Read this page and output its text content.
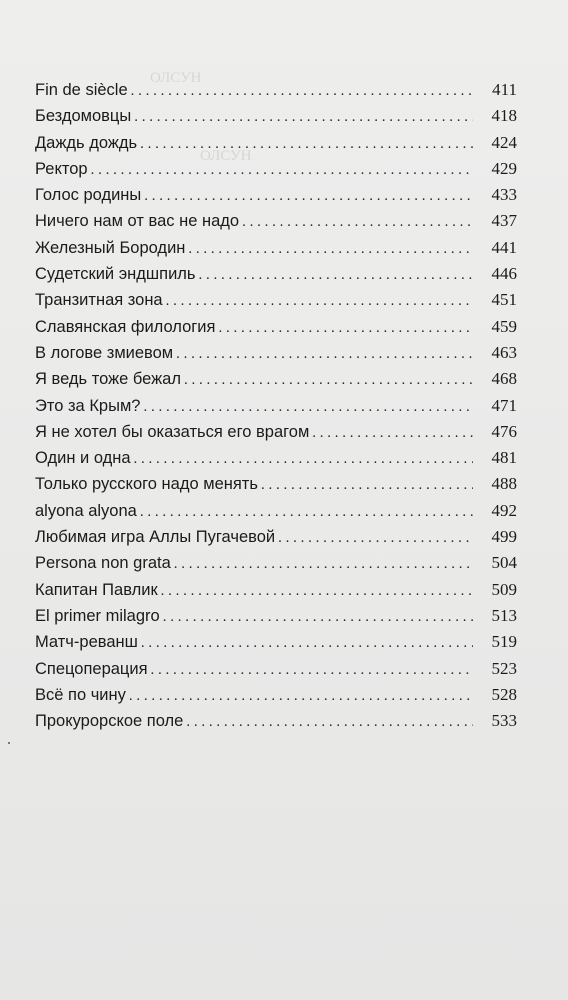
ОЛСУН
ОЛСУН
Fin de siècle . . .	411
Бездомовцы . . .	418
Даждь дождь . . .	424
Ректор . . .	429
Голос родины . . .	433
Ничего нам от вас не надо . . .	437
Железный Бородин . . .	441
Судетский эндшпиль . . .	446
Транзитная зона . . .	451
Славянская филология . . .	459
В логове змиевом . . .	463
Я ведь тоже бежал . . .	468
Это за Крым? . . .	471
Я не хотел бы оказаться его врагом . . .	476
Один и одна . . .	481
Только русского надо менять . . .	488
alyona alyona . . .	492
Любимая игра Аллы Пугачевой . . .	499
Persona non grata . . .	504
Капитан Павлик . . .	509
El primer milagro . . .	513
Матч-реванш . . .	519
Спецоперация . . .	523
Всё по чину . . .	528
Прокурорское поле . . .	533
